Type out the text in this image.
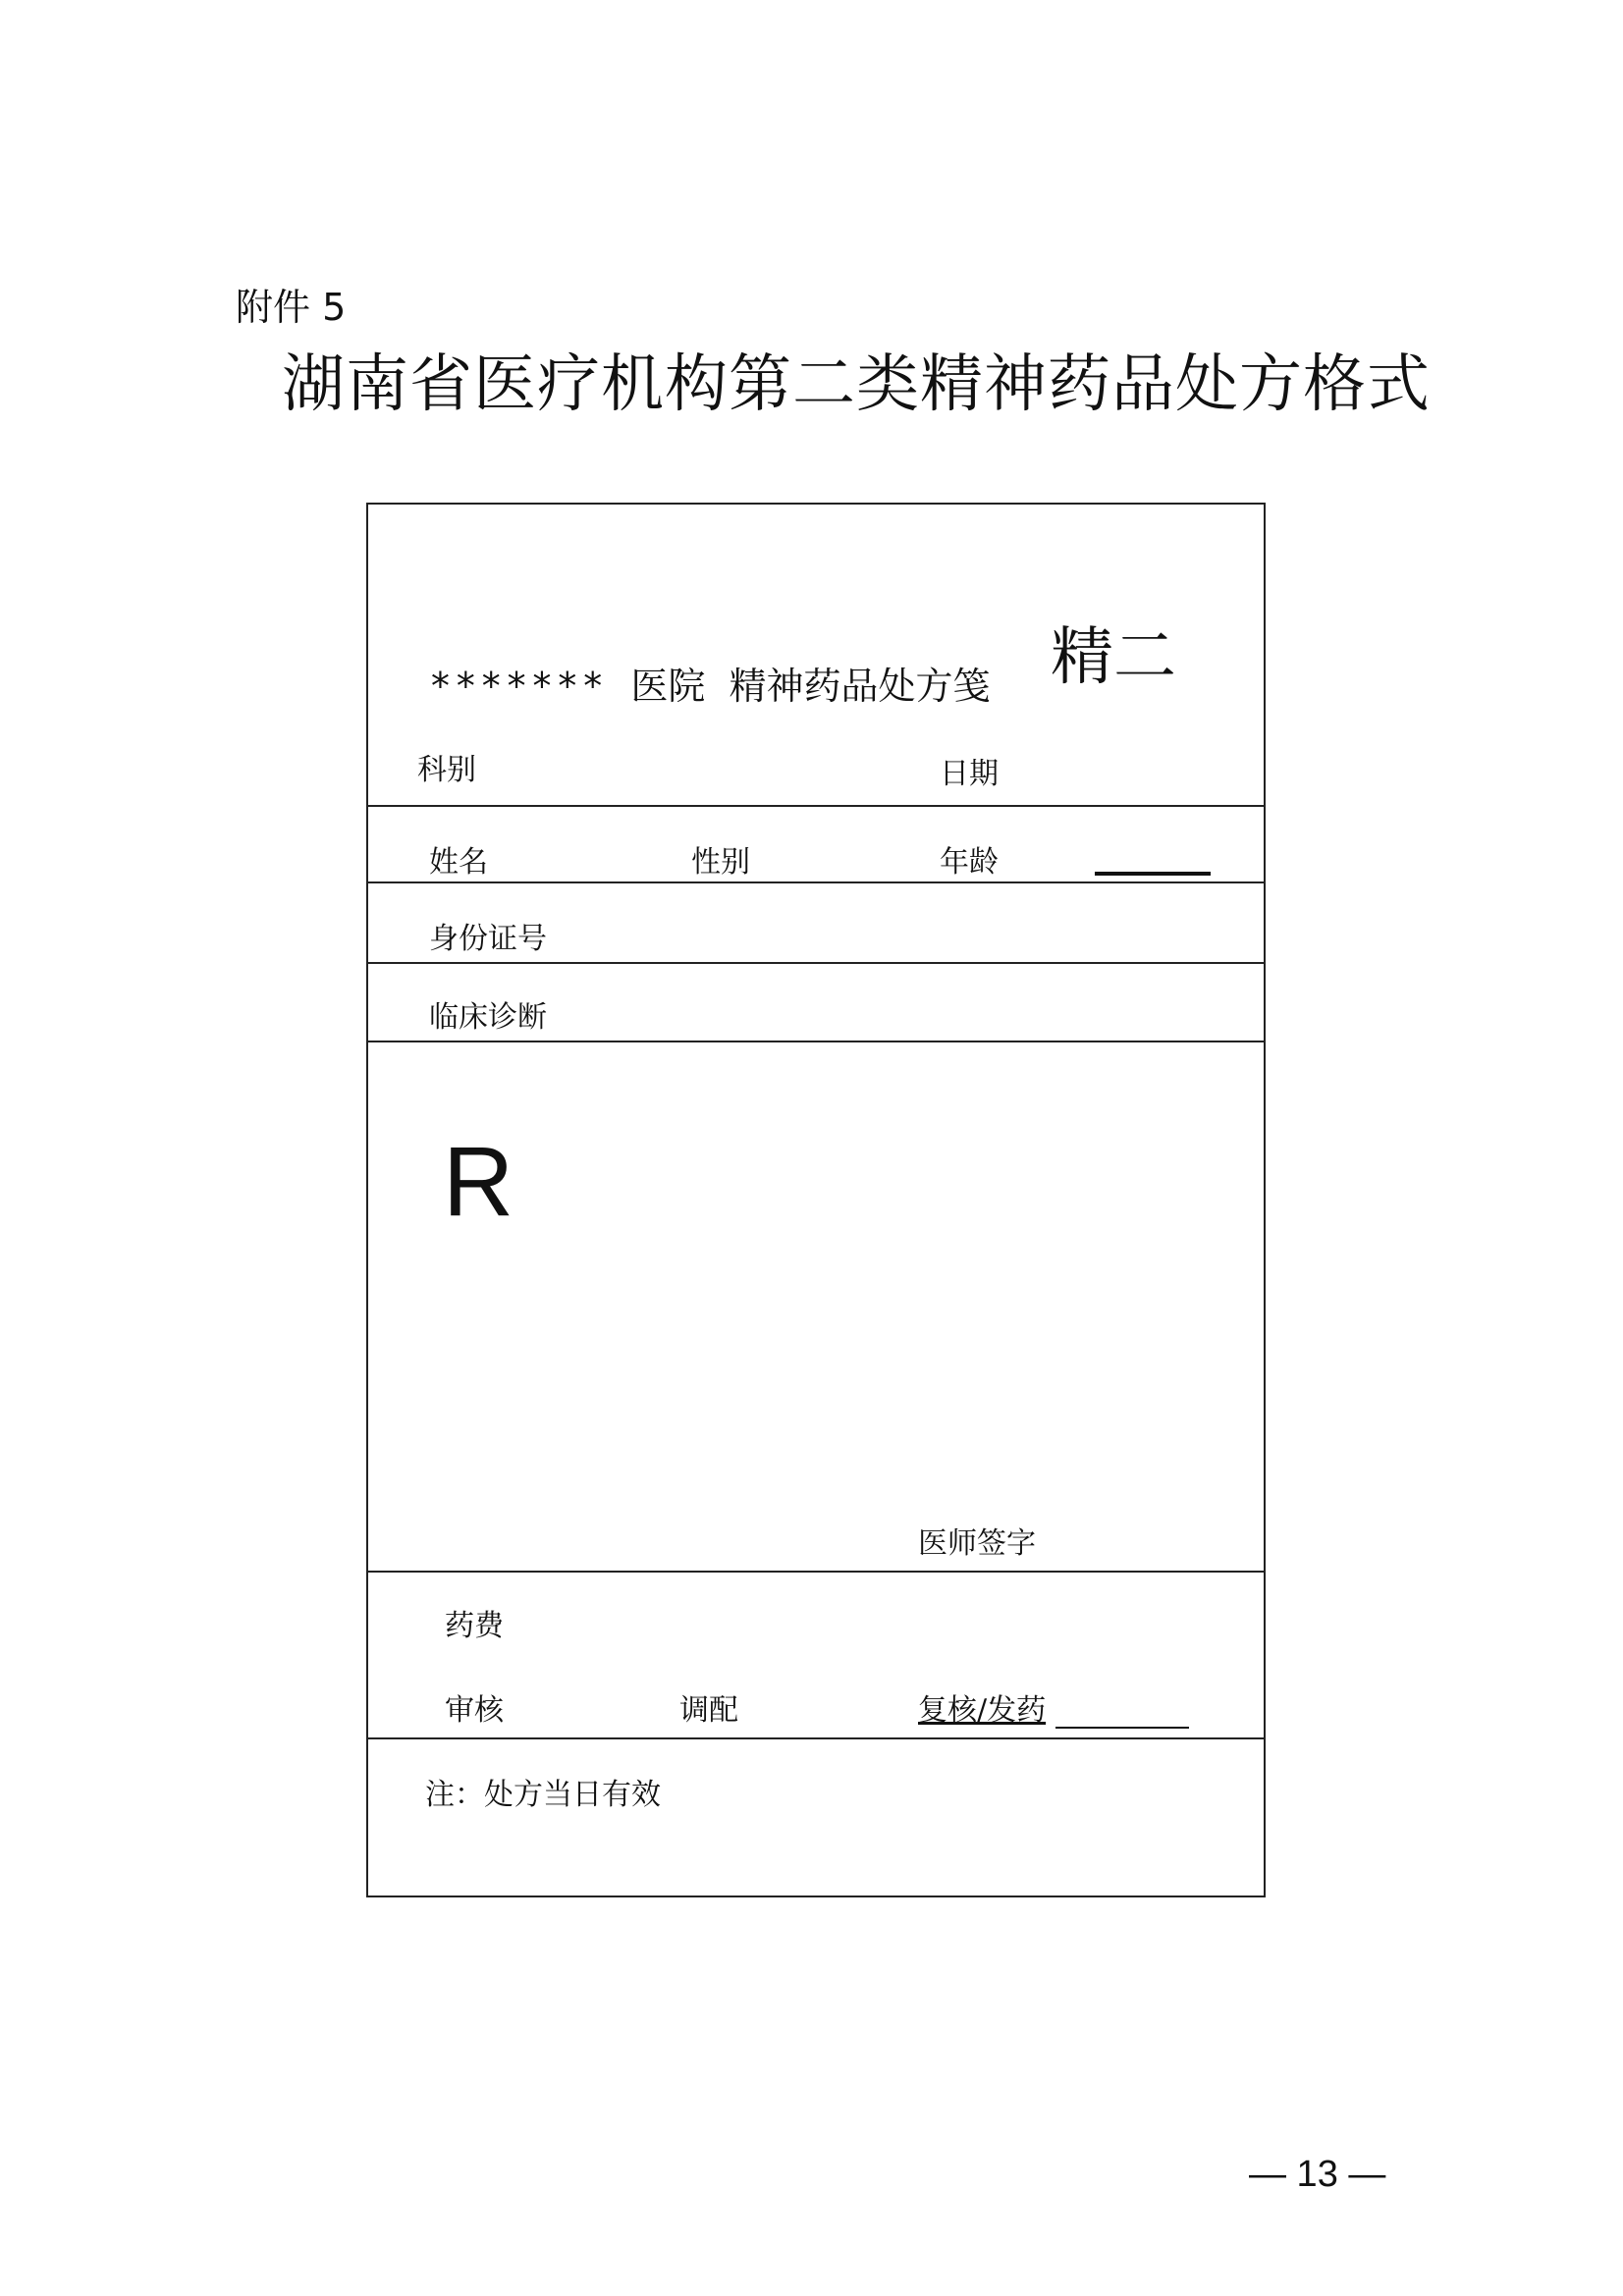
附件 5
湖南省医疗机构第二类精神药品处方格式
******* 医院 精神药品处方笺 精二
科别	日期
姓名	性别	年龄
身份证号
临床诊断
R
医师签字
药费
审核	调配	复核/发药
注：处方当日有效
— 13 —
